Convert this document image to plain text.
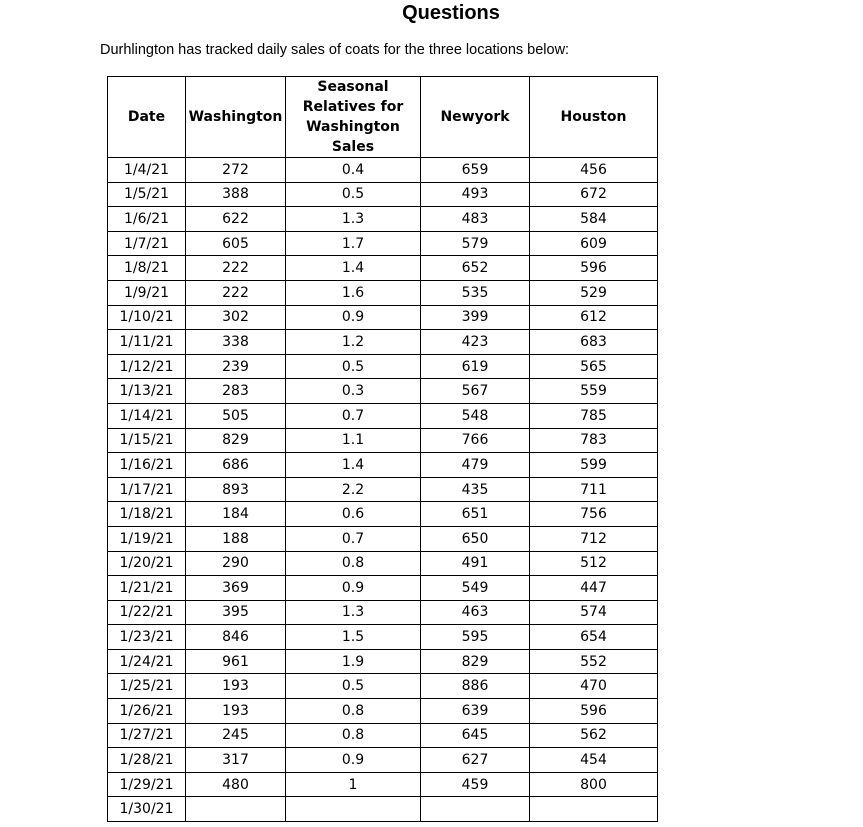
Questions
Durhlington has tracked daily sales of coats for the three locations below:
Date	Washington	Seasonal Relatives for Washington Sales	Newyork	Houston
1/4/21	272	0.4	659	456
1/5/21	388	0.5	493	672
1/6/21	622	1.3	483	584
1/7/21	605	1.7	579	609
1/8/21	222	1.4	652	596
1/9/21	222	1.6	535	529
1/10/21	302	0.9	399	612
1/11/21	338	1.2	423	683
1/12/21	239	0.5	619	565
1/13/21	283	0.3	567	559
1/14/21	505	0.7	548	785
1/15/21	829	1.1	766	783
1/16/21	686	1.4	479	599
1/17/21	893	2.2	435	711
1/18/21	184	0.6	651	756
1/19/21	188	0.7	650	712
1/20/21	290	0.8	491	512
1/21/21	369	0.9	549	447
1/22/21	395	1.3	463	574
1/23/21	846	1.5	595	654
1/24/21	961	1.9	829	552
1/25/21	193	0.5	886	470
1/26/21	193	0.8	639	596
1/27/21	245	0.8	645	562
1/28/21	317	0.9	627	454
1/29/21	480	1	459	800
1/30/21				
